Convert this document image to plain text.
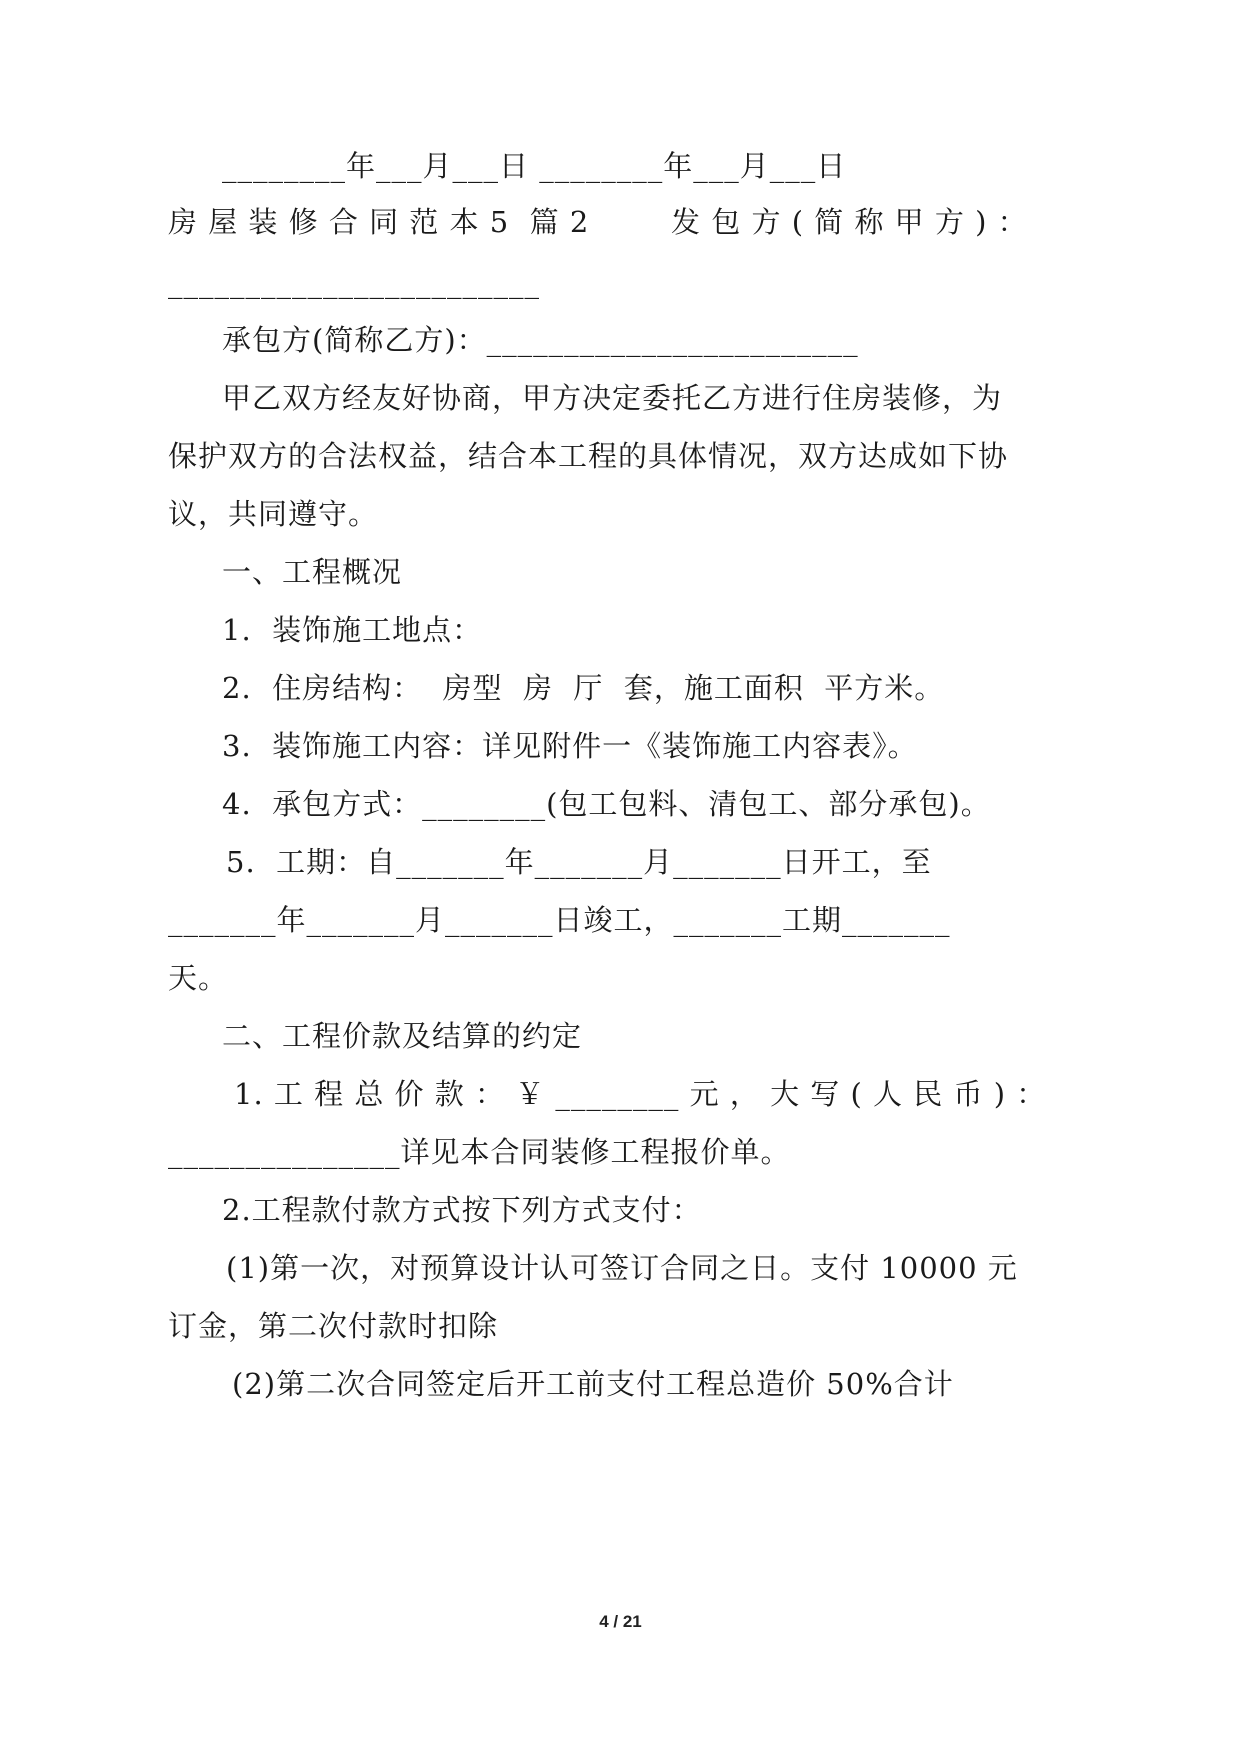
________年___月___日 ________年___月___日
房 屋 装 修 合 同 范 本 5  篇 2        发 包 方 ( 简 称 甲 方 ) ：
________________________
承包方(简称乙方)：________________________
甲乙双方经友好协商，甲方决定委托乙方进行住房装修，为
保护双方的合法权益，结合本工程的具体情况，双方达成如下协
议，共同遵守。
一、工程概况
1.  装饰施工地点：
2.  住房结构：  房型  房  厅  套，施工面积  平方米。
3.  装饰施工内容：详见附件一《装饰施工内容表》。
4.  承包方式：________(包工包料、清包工、部分承包)。
5.  工期：自_______年_______月_______日开工，至
_______年_______月_______日竣工，_______工期_______
天。
二、工程价款及结算的约定
1. 工 程 总 价 款 ： ￥ ________ 元 ， 大 写 ( 人 民 币 ) ：
_______________详见本合同装修工程报价单。
2.工程款付款方式按下列方式支付：
(1)第一次，对预算设计认可签订合同之日。支付 10000 元
订金，第二次付款时扣除
(2)第二次合同签定后开工前支付工程总造价 50%合计
4 / 21
